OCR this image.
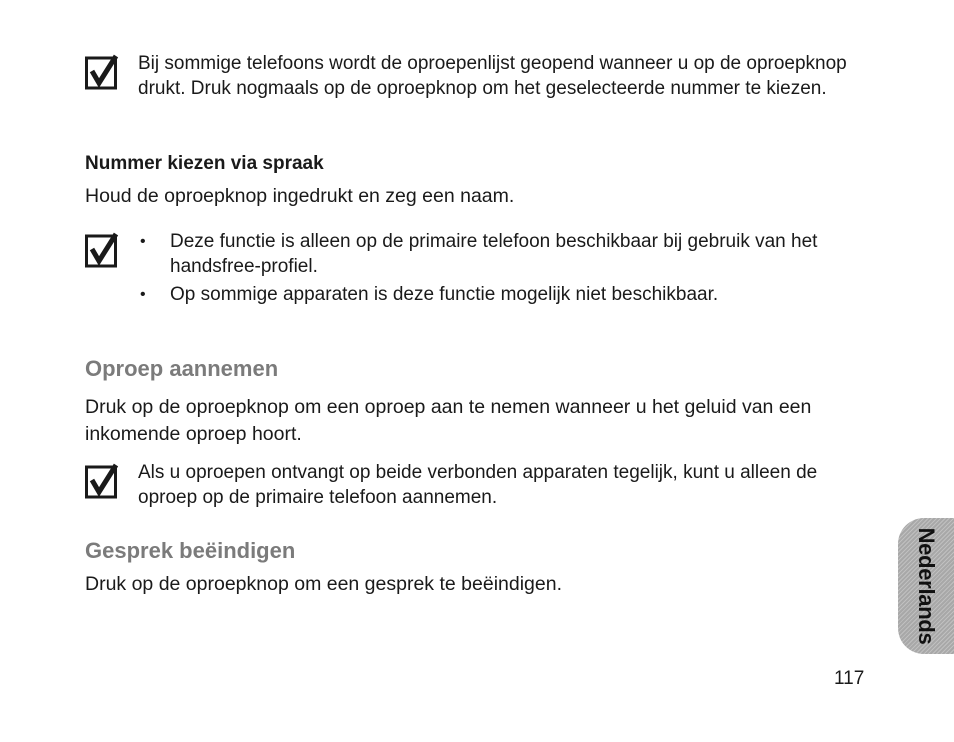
Bij sommige telefoons wordt de oproepenlijst geopend wanneer u op de oproepknop drukt. Druk nogmaals op de oproepknop om het geselecteerde nummer te kiezen.

Nummer kiezen via spraak

Houd de oproepknop ingedrukt en zeg een naam.

• Deze functie is alleen op de primaire telefoon beschikbaar bij gebruik van het handsfree-profiel.
• Op sommige apparaten is deze functie mogelijk niet beschikbaar.
Oproep aannemen

Druk op de oproepknop om een oproep aan te nemen wanneer u het geluid van een inkomende oproep hoort.

Als u oproepen ontvangt op beide verbonden apparaten tegelijk, kunt u alleen de oproep op de primaire telefoon aannemen.

Gesprek beëindigen

Druk op de oproepknop om een gesprek te beëindigen.	Nederlands

117
